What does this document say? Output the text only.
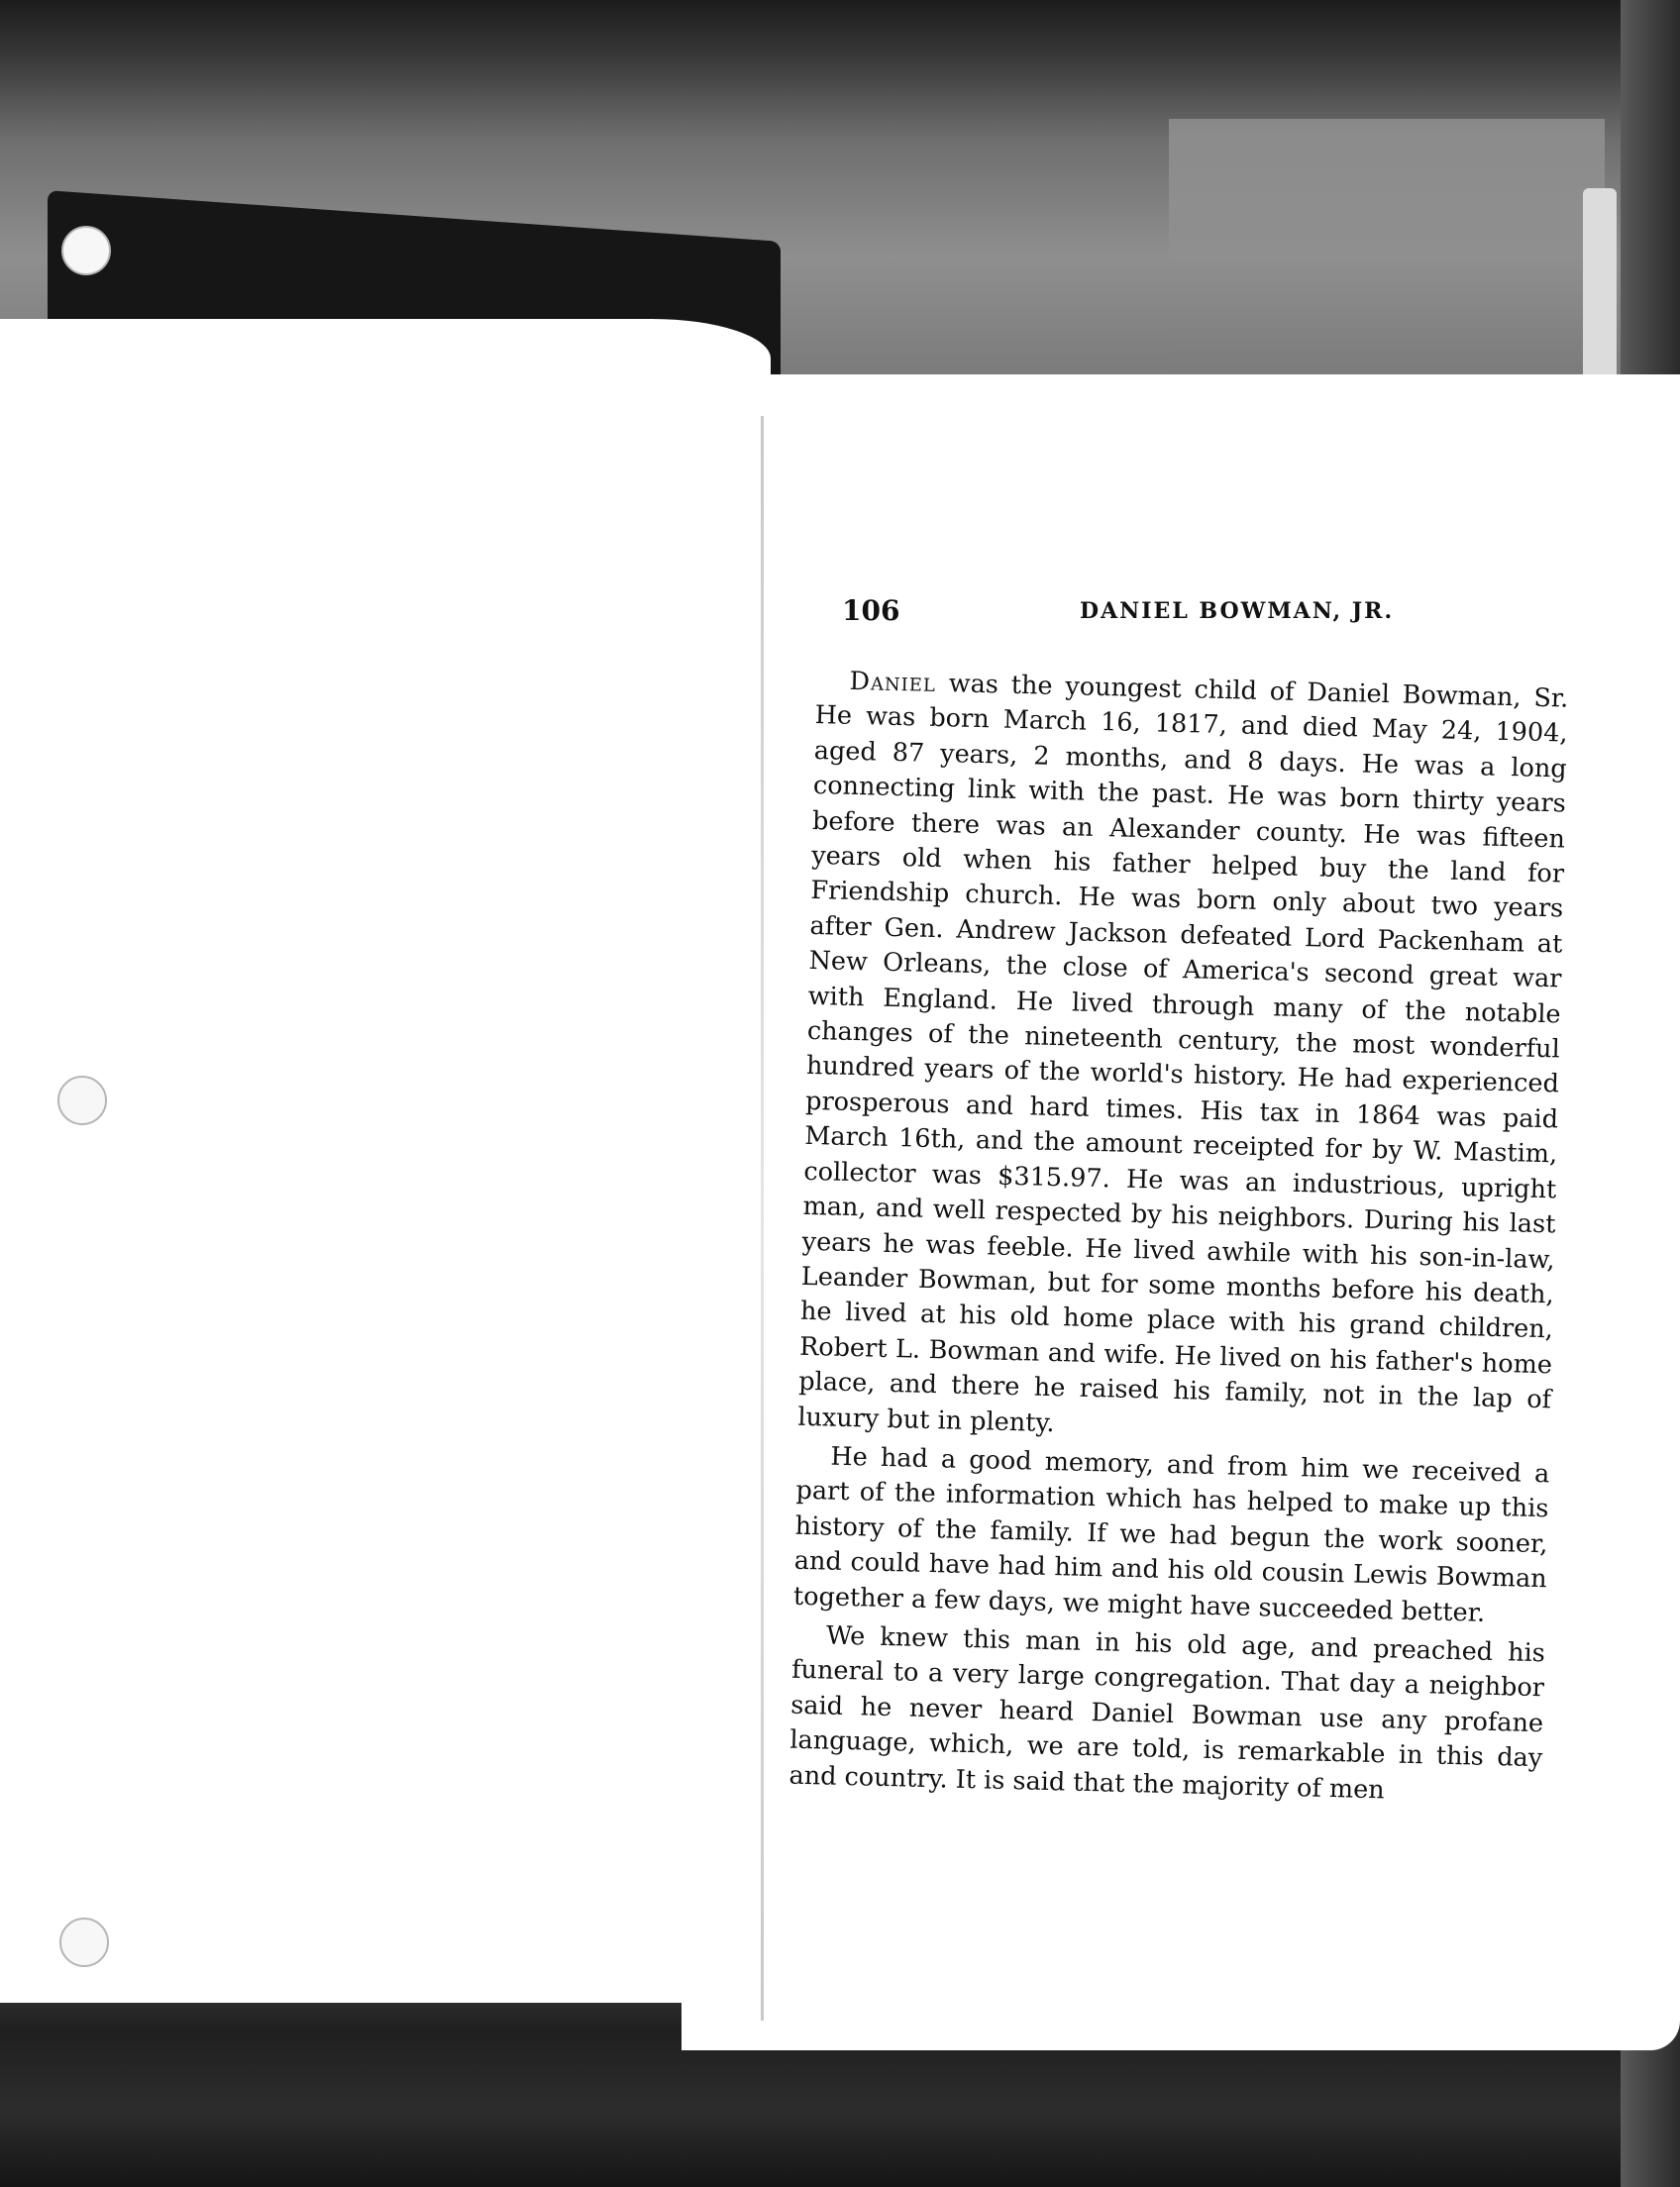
106	DANIEL BOWMAN, JR.

Daniel was the youngest child of Daniel Bowman, Sr. He was born March 16, 1817, and died May 24, 1904, aged 87 years, 2 months, and 8 days. He was a long connecting link with the past. He was born thirty years before there was an Alexander county. He was fifteen years old when his father helped buy the land for Friendship church. He was born only about two years after Gen. Andrew Jackson defeated Lord Packenham at New Orleans, the close of America's second great war with England. He lived through many of the notable changes of the nineteenth century, the most wonderful hundred years of the world's history. He had experienced prosperous and hard times. His tax in 1864 was paid March 16th, and the amount receipted for by W. Mastim, collector was $315.97. He was an industrious, upright man, and well respected by his neighbors. During his last years he was feeble. He lived awhile with his son-in-law, Leander Bowman, but for some months before his death, he lived at his old home place with his grand children, Robert L. Bowman and wife. He lived on his father's home place, and there he raised his family, not in the lap of luxury but in plenty.

He had a good memory, and from him we received a part of the information which has helped to make up this history of the family. If we had begun the work sooner, and could have had him and his old cousin Lewis Bowman together a few days, we might have succeeded better.

We knew this man in his old age, and preached his funeral to a very large congregation. That day a neighbor said he never heard Daniel Bowman use any profane language, which, we are told, is remarkable in this day and country. It is said that the majority of men
